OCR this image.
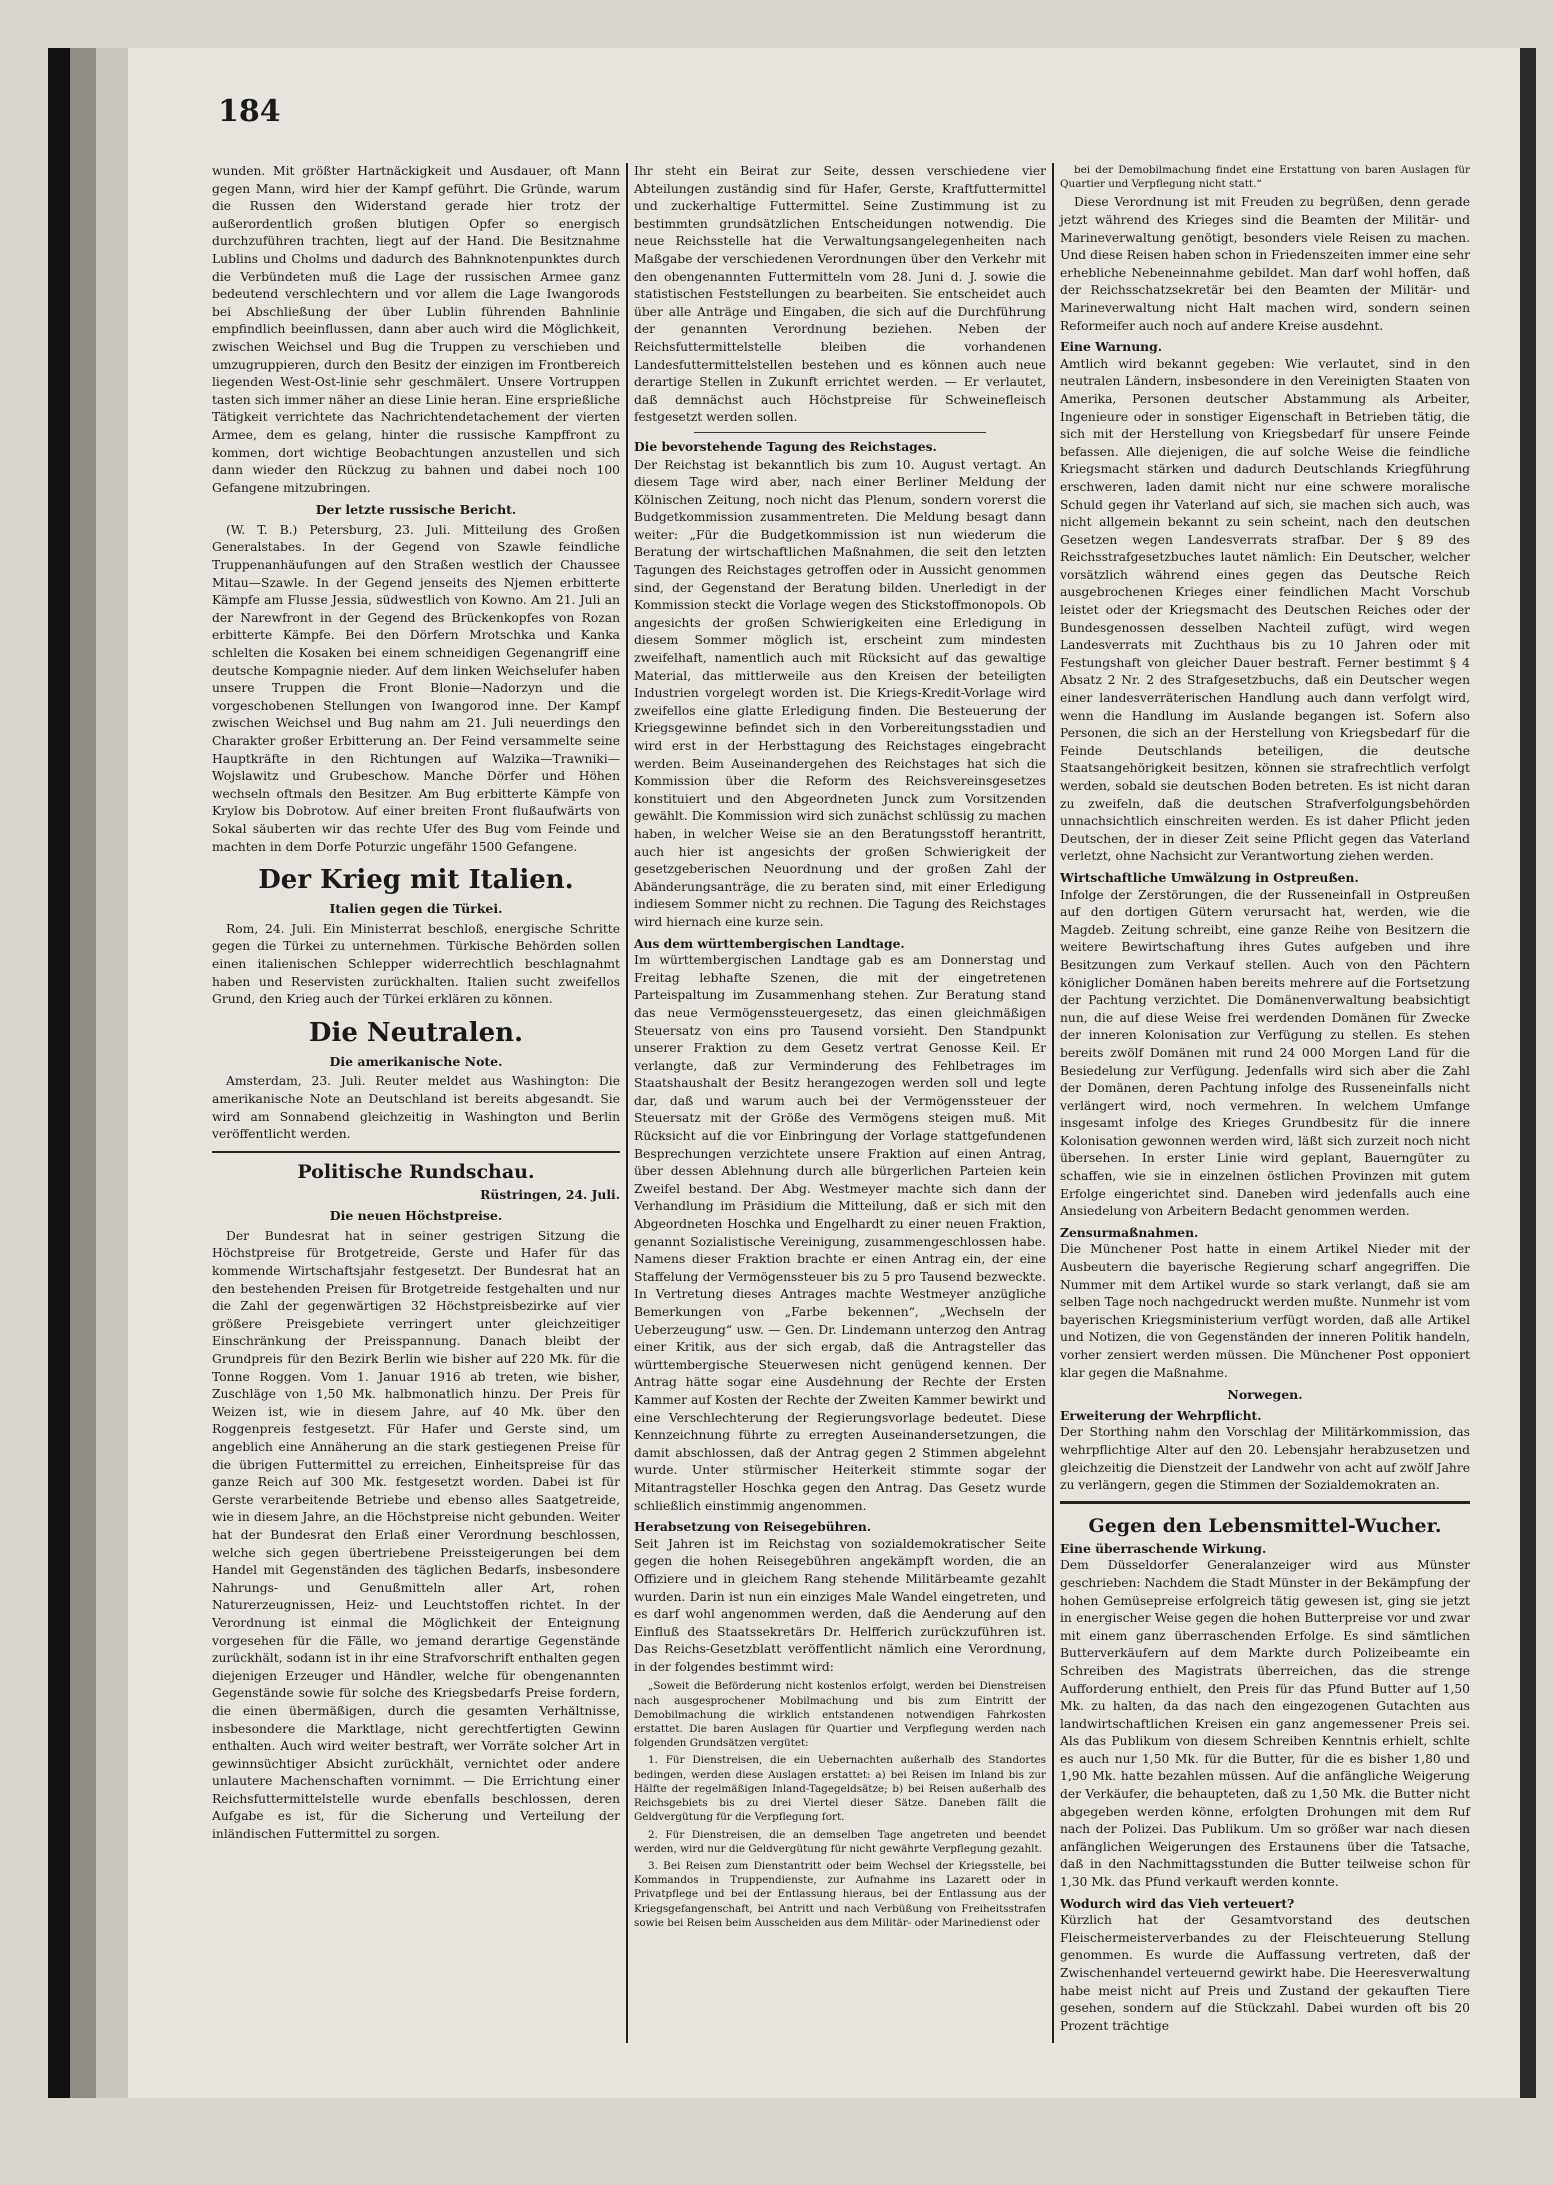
184

wunden. Mit größter Hartnäckigkeit und Ausdauer, oft Mann gegen Mann, wird hier der Kampf geführt. Die Gründe, warum die Russen den Widerstand gerade hier trotz der außerordentlich großen blutigen Opfer so energisch durchzuführen trachten, liegt auf der Hand. Die Besitznahme Lublins und Cholms und dadurch des Bahnknotenpunktes durch die Verbündeten muß die Lage der russischen Armee ganz bedeutend verschlechtern und vor allem die Lage Iwangorods bei Abschließung der über Lublin führenden Bahnlinie empfindlich beeinflussen, dann aber auch wird die Möglichkeit, zwischen Weichsel und Bug die Truppen zu verschieben und umzugruppieren, durch den Besitz der einzigen im Frontbereich liegenden West-Ost-linie sehr geschmälert. Unsere Vortruppen tasten sich immer näher an diese Linie heran. Eine ersprießliche Tätigkeit verrichtete das Nachrichtendetachement der vierten Armee, dem es gelang, hinter die russische Kampffront zu kommen, dort wichtige Beobachtungen anzustellen und sich dann wieder den Rückzug zu bahnen und dabei noch 100 Gefangene mitzubringen.

Der letzte russische Bericht.

(W. T. B.) Petersburg, 23. Juli. Mitteilung des Großen Generalstabes. In der Gegend von Szawle feindliche Truppenanhäufungen auf den Straßen westlich der Chaussee Mitau—Szawle. In der Gegend jenseits des Njemen erbitterte Kämpfe am Flusse Jessia, südwestlich von Kowno. Am 21. Juli an der Narewfront in der Gegend des Brückenkopfes von Rozan erbitterte Kämpfe. Bei den Dörfern Mrotschka und Kanka schlelten die Kosaken bei einem schneidigen Gegenangriff eine deutsche Kompagnie nieder. Auf dem linken Weichselufer haben unsere Truppen die Front Blonie—Nadorzyn und die vorgeschobenen Stellungen von Iwangorod inne. Der Kampf zwischen Weichsel und Bug nahm am 21. Juli neuerdings den Charakter großer Erbitterung an. Der Feind versammelte seine Hauptkräfte in den Richtungen auf Walzika—Trawniki—Wojslawitz und Grubeschow. Manche Dörfer und Höhen wechseln oftmals den Besitzer. Am Bug erbitterte Kämpfe von Krylow bis Dobrotow. Auf einer breiten Front flußaufwärts von Sokal säuberten wir das rechte Ufer des Bug vom Feinde und machten in dem Dorfe Poturzic ungefähr 1500 Gefangene.

Der Krieg mit Italien.
Italien gegen die Türkei.

Rom, 24. Juli. Ein Ministerrat beschloß, energische Schritte gegen die Türkei zu unternehmen. Türkische Behörden sollen einen italienischen Schlepper widerrechtlich beschlagnahmt haben und Reservisten zurückhalten. Italien sucht zweifellos Grund, den Krieg auch der Türkei erklären zu können.

Die Neutralen.
Die amerikanische Note.

Amsterdam, 23. Juli. Reuter meldet aus Washington: Die amerikanische Note an Deutschland ist bereits abgesandt. Sie wird am Sonnabend gleichzeitig in Washington und Berlin veröffentlicht werden.

Politische Rundschau.
Rüstringen, 24. Juli.
Die neuen Höchstpreise.

Der Bundesrat hat in seiner gestrigen Sitzung die Höchstpreise für Brotgetreide, Gerste und Hafer für das kommende Wirtschaftsjahr festgesetzt. Der Bundesrat hat an den bestehenden Preisen für Brotgetreide festgehalten und nur die Zahl der gegenwärtigen 32 Höchstpreisbezirke auf vier größere Preisgebiete verringert unter gleichzeitiger Einschränkung der Preisspannung. Danach bleibt der Grundpreis für den Bezirk Berlin wie bisher auf 220 Mk. für die Tonne Roggen. Vom 1. Januar 1916 ab treten, wie bisher, Zuschläge von 1,50 Mk. halbmonatlich hinzu. Der Preis für Weizen ist, wie in diesem Jahre, auf 40 Mk. über den Roggenpreis festgesetzt. Für Hafer und Gerste sind, um angeblich eine Annäherung an die stark gestiegenen Preise für die übrigen Futtermittel zu erreichen, Einheitspreise für das ganze Reich auf 300 Mk. festgesetzt worden. Dabei ist für Gerste verarbeitende Betriebe und ebenso alles Saatgetreide, wie in diesem Jahre, an die Höchstpreise nicht gebunden. Weiter hat der Bundesrat den Erlaß einer Verordnung beschlossen, welche sich gegen übertriebene Preissteigerungen bei dem Handel mit Gegenständen des täglichen Bedarfs, insbesondere Nahrungs- und Genußmitteln aller Art, rohen Naturerzeugnissen, Heiz- und Leuchtstoffen richtet. In der Verordnung ist einmal die Möglichkeit der Enteignung vorgesehen für die Fälle, wo jemand derartige Gegenstände zurückhält, sodann ist in ihr eine Strafvorschrift enthalten gegen diejenigen Erzeuger und Händler, welche für obengenannten Gegenstände sowie für solche des Kriegsbedarfs Preise fordern, die einen übermäßigen, durch die gesamten Verhältnisse, insbesondere die Marktlage, nicht gerechtfertigten Gewinn enthalten. Auch wird weiter bestraft, wer Vorräte solcher Art in gewinnsüchtiger Absicht zurückhält, vernichtet oder andere unlautere Machenschaften vornimmt. — Die Errichtung einer Reichsfuttermittelstelle wurde ebenfalls beschlossen, deren Aufgabe es ist, für die Sicherung und Verteilung der inländischen Futtermittel zu sorgen.

Ihr steht ein Beirat zur Seite, dessen verschiedene vier Abteilungen zuständig sind für Hafer, Gerste, Kraftfuttermittel und zuckerhaltige Futtermittel. Seine Zustimmung ist zu bestimmten grundsätzlichen Entscheidungen notwendig. Die neue Reichsstelle hat die Verwaltungsangelegenheiten nach Maßgabe der verschiedenen Verordnungen über den Verkehr mit den obengenannten Futtermitteln vom 28. Juni d. J. sowie die statistischen Feststellungen zu bearbeiten. Sie entscheidet auch über alle Anträge und Eingaben, die sich auf die Durchführung der genannten Verordnung beziehen. Neben der Reichsfuttermittelstelle bleiben die vorhandenen Landesfuttermittelstellen bestehen und es können auch neue derartige Stellen in Zukunft errichtet werden. — Er verlautet, daß demnächst auch Höchstpreise für Schweinefleisch festgesetzt werden sollen.

Die bevorstehende Tagung des Reichstages.

Der Reichstag ist bekanntlich bis zum 10. August vertagt. An diesem Tage wird aber, nach einer Berliner Meldung der Kölnischen Zeitung, noch nicht das Plenum, sondern vorerst die Budgetkommission zusammentreten. Die Meldung besagt dann weiter: „Für die Budgetkommission ist nun wiederum die Beratung der wirtschaftlichen Maßnahmen, die seit den letzten Tagungen des Reichstages getroffen oder in Aussicht genommen sind, der Gegenstand der Beratung bilden. Unerledigt in der Kommission steckt die Vorlage wegen des Stickstoffmonopols. Ob angesichts der großen Schwierigkeiten eine Erledigung in diesem Sommer möglich ist, erscheint zum mindesten zweifelhaft, namentlich auch mit Rücksicht auf das gewaltige Material, das mittlerweile aus den Kreisen der beteiligten Industrien vorgelegt worden ist. Die Kriegs-Kredit-Vorlage wird zweifellos eine glatte Erledigung finden. Die Besteuerung der Kriegsgewinne befindet sich in den Vorbereitungsstadien und wird erst in der Herbsttagung des Reichstages eingebracht werden. Beim Auseinandergehen des Reichstages hat sich die Kommission über die Reform des Reichsvereinsgesetzes konstituiert und den Abgeordneten Junck zum Vorsitzenden gewählt. Die Kommission wird sich zunächst schlüssig zu machen haben, in welcher Weise sie an den Beratungsstoff herantritt, auch hier ist angesichts der großen Schwierigkeit der gesetzgeberischen Neuordnung und der großen Zahl der Abänderungsanträge, die zu beraten sind, mit einer Erledigung indiesem Sommer nicht zu rechnen. Die Tagung des Reichstages wird hiernach eine kurze sein.

Aus dem württembergischen Landtage.

Im württembergischen Landtage gab es am Donnerstag und Freitag lebhafte Szenen, die mit der eingetretenen Parteispaltung im Zusammenhang stehen. Zur Beratung stand das neue Vermögenssteuergesetz, das einen gleichmäßigen Steuersatz von eins pro Tausend vorsieht. Den Standpunkt unserer Fraktion zu dem Gesetz vertrat Genosse Keil. Er verlangte, daß zur Verminderung des Fehlbetrages im Staatshaushalt der Besitz herangezogen werden soll und legte dar, daß und warum auch bei der Vermögenssteuer der Steuersatz mit der Größe des Vermögens steigen muß. Mit Rücksicht auf die vor Einbringung der Vorlage stattgefundenen Besprechungen verzichtete unsere Fraktion auf einen Antrag, über dessen Ablehnung durch alle bürgerlichen Parteien kein Zweifel bestand. Der Abg. Westmeyer machte sich dann der Verhandlung im Präsidium die Mitteilung, daß er sich mit den Abgeordneten Hoschka und Engelhardt zu einer neuen Fraktion, genannt Sozialistische Vereinigung, zusammengeschlossen habe. Namens dieser Fraktion brachte er einen Antrag ein, der eine Staffelung der Vermögenssteuer bis zu 5 pro Tausend bezweckte. In Vertretung dieses Antrages machte Westmeyer anzügliche Bemerkungen von „Farbe bekennen“, „Wechseln der Ueberzeugung“ usw. — Gen. Dr. Lindemann unterzog den Antrag einer Kritik, aus der sich ergab, daß die Antragsteller das württembergische Steuerwesen nicht genügend kennen. Der Antrag hätte sogar eine Ausdehnung der Rechte der Ersten Kammer auf Kosten der Rechte der Zweiten Kammer bewirkt und eine Verschlechterung der Regierungsvorlage bedeutet. Diese Kennzeichnung führte zu erregten Auseinandersetzungen, die damit abschlossen, daß der Antrag gegen 2 Stimmen abgelehnt wurde. Unter stürmischer Heiterkeit stimmte sogar der Mitantragsteller Hoschka gegen den Antrag. Das Gesetz wurde schließlich einstimmig angenommen.

Herabsetzung von Reisegebühren.

Seit Jahren ist im Reichstag von sozialdemokratischer Seite gegen die hohen Reisegebühren angekämpft worden, die an Offiziere und in gleichem Rang stehende Militärbeamte gezahlt wurden. Darin ist nun ein einziges Male Wandel eingetreten, und es darf wohl angenommen werden, daß die Aenderung auf den Einfluß des Staatssekretärs Dr. Helfferich zurückzuführen ist. Das Reichs-Gesetzblatt veröffentlicht nämlich eine Verordnung, in der folgendes bestimmt wird:

„Soweit die Beförderung nicht kostenlos erfolgt, werden bei Dienstreisen nach ausgesprochener Mobilmachung und bis zum Eintritt der Demobilmachung die wirklich entstandenen notwendigen Fahrkosten erstattet. Die baren Auslagen für Quartier und Verpflegung werden nach folgenden Grundsätzen vergütet:

1. Für Dienstreisen, die ein Uebernachten außerhalb des Standortes bedingen, werden diese Auslagen erstattet: a) bei Reisen im Inland bis zur Hälfte der regelmäßigen Inland-Tagegeldsätze; b) bei Reisen außerhalb des Reichsgebiets bis zu drei Viertel dieser Sätze. Daneben fällt die Geldvergütung für die Verpflegung fort.

2. Für Dienstreisen, die an demselben Tage angetreten und beendet werden, wird nur die Geldvergütung für nicht gewährte Verpflegung gezahlt.

3. Bei Reisen zum Dienstantritt oder beim Wechsel der Kriegsstelle, bei Kommandos in Truppendienste, zur Aufnahme ins Lazarett oder in Privatpflege und bei der Entlassung hieraus, bei der Entlassung aus der Kriegsgefangenschaft, bei Antritt und nach Verbüßung von Freiheitsstrafen sowie bei Reisen beim Ausscheiden aus dem Militär- oder Marinedienst oder

bei der Demobilmachung findet eine Erstattung von baren Auslagen für Quartier und Verpflegung nicht statt.“

Diese Verordnung ist mit Freuden zu begrüßen, denn gerade jetzt während des Krieges sind die Beamten der Militär- und Marineverwaltung genötigt, besonders viele Reisen zu machen. Und diese Reisen haben schon in Friedenszeiten immer eine sehr erhebliche Nebeneinnahme gebildet. Man darf wohl hoffen, daß der Reichsschatzsekretär bei den Beamten der Militär- und Marineverwaltung nicht Halt machen wird, sondern seinen Reformeifer auch noch auf andere Kreise ausdehnt.

Eine Warnung.

Amtlich wird bekannt gegeben: Wie verlautet, sind in den neutralen Ländern, insbesondere in den Vereinigten Staaten von Amerika, Personen deutscher Abstammung als Arbeiter, Ingenieure oder in sonstiger Eigenschaft in Betrieben tätig, die sich mit der Herstellung von Kriegsbedarf für unsere Feinde befassen. Alle diejenigen, die auf solche Weise die feindliche Kriegsmacht stärken und dadurch Deutschlands Kriegführung erschweren, laden damit nicht nur eine schwere moralische Schuld gegen ihr Vaterland auf sich, sie machen sich auch, was nicht allgemein bekannt zu sein scheint, nach den deutschen Gesetzen wegen Landesverrats strafbar. Der § 89 des Reichsstrafgesetzbuches lautet nämlich: Ein Deutscher, welcher vorsätzlich während eines gegen das Deutsche Reich ausgebrochenen Krieges einer feindlichen Macht Vorschub leistet oder der Kriegsmacht des Deutschen Reiches oder der Bundesgenossen desselben Nachteil zufügt, wird wegen Landesverrats mit Zuchthaus bis zu 10 Jahren oder mit Festungshaft von gleicher Dauer bestraft. Ferner bestimmt § 4 Absatz 2 Nr. 2 des Strafgesetzbuchs, daß ein Deutscher wegen einer landesverräterischen Handlung auch dann verfolgt wird, wenn die Handlung im Auslande begangen ist. Sofern also Personen, die sich an der Herstellung von Kriegsbedarf für die Feinde Deutschlands beteiligen, die deutsche Staatsangehörigkeit besitzen, können sie strafrechtlich verfolgt werden, sobald sie deutschen Boden betreten. Es ist nicht daran zu zweifeln, daß die deutschen Strafverfolgungsbehörden unnachsichtlich einschreiten werden. Es ist daher Pflicht jeden Deutschen, der in dieser Zeit seine Pflicht gegen das Vaterland verletzt, ohne Nachsicht zur Verantwortung ziehen werden.

Wirtschaftliche Umwälzung in Ostpreußen.

Infolge der Zerstörungen, die der Russeneinfall in Ostpreußen auf den dortigen Gütern verursacht hat, werden, wie die Magdeb. Zeitung schreibt, eine ganze Reihe von Besitzern die weitere Bewirtschaftung ihres Gutes aufgeben und ihre Besitzungen zum Verkauf stellen. Auch von den Pächtern königlicher Domänen haben bereits mehrere auf die Fortsetzung der Pachtung verzichtet. Die Domänenverwaltung beabsichtigt nun, die auf diese Weise frei werdenden Domänen für Zwecke der inneren Kolonisation zur Verfügung zu stellen. Es stehen bereits zwölf Domänen mit rund 24 000 Morgen Land für die Besiedelung zur Verfügung. Jedenfalls wird sich aber die Zahl der Domänen, deren Pachtung infolge des Russeneinfalls nicht verlängert wird, noch vermehren. In welchem Umfange insgesamt infolge des Krieges Grundbesitz für die innere Kolonisation gewonnen werden wird, läßt sich zurzeit noch nicht übersehen. In erster Linie wird geplant, Bauerngüter zu schaffen, wie sie in einzelnen östlichen Provinzen mit gutem Erfolge eingerichtet sind. Daneben wird jedenfalls auch eine Ansiedelung von Arbeitern Bedacht genommen werden.

Zensurmaßnahmen.

Die Münchener Post hatte in einem Artikel Nieder mit der Ausbeutern die bayerische Regierung scharf angegriffen. Die Nummer mit dem Artikel wurde so stark verlangt, daß sie am selben Tage noch nachgedruckt werden mußte. Nunmehr ist vom bayerischen Kriegsministerium verfügt worden, daß alle Artikel und Notizen, die von Gegenständen der inneren Politik handeln, vorher zensiert werden müssen. Die Münchener Post opponiert klar gegen die Maßnahme.

Norwegen.
Erweiterung der Wehrpflicht.

Der Storthing nahm den Vorschlag der Militärkommission, das wehrpflichtige Alter auf den 20. Lebensjahr herabzusetzen und gleichzeitig die Dienstzeit der Landwehr von acht auf zwölf Jahre zu verlängern, gegen die Stimmen der Sozialdemokraten an.

Gegen den Lebensmittel-Wucher.
Eine überraschende Wirkung.

Dem Düsseldorfer Generalanzeiger wird aus Münster geschrieben: Nachdem die Stadt Münster in der Bekämpfung der hohen Gemüsepreise erfolgreich tätig gewesen ist, ging sie jetzt in energischer Weise gegen die hohen Butterpreise vor und zwar mit einem ganz überraschenden Erfolge. Es sind sämtlichen Butterverkäufern auf dem Markte durch Polizeibeamte ein Schreiben des Magistrats überreichen, das die strenge Aufforderung enthielt, den Preis für das Pfund Butter auf 1,50 Mk. zu halten, da das nach den eingezogenen Gutachten aus landwirtschaftlichen Kreisen ein ganz angemessener Preis sei. Als das Publikum von diesem Schreiben Kenntnis erhielt, schlte es auch nur 1,50 Mk. für die Butter, für die es bisher 1,80 und 1,90 Mk. hatte bezahlen müssen. Auf die anfängliche Weigerung der Verkäufer, die behaupteten, daß zu 1,50 Mk. die Butter nicht abgegeben werden könne, erfolgten Drohungen mit dem Ruf nach der Polizei. Das Publikum. Um so größer war nach diesen anfänglichen Weigerungen des Erstaunens über die Tatsache, daß in den Nachmittagsstunden die Butter teilweise schon für 1,30 Mk. das Pfund verkauft werden konnte.

Wodurch wird das Vieh verteuert?

Kürzlich hat der Gesamtvorstand des deutschen Fleischermeisterverbandes zu der Fleischteuerung Stellung genommen. Es wurde die Auffassung vertreten, daß der Zwischenhandel verteuernd gewirkt habe. Die Heeresverwaltung habe meist nicht auf Preis und Zustand der gekauften Tiere gesehen, sondern auf die Stückzahl. Dabei wurden oft bis 20 Prozent trächtige
